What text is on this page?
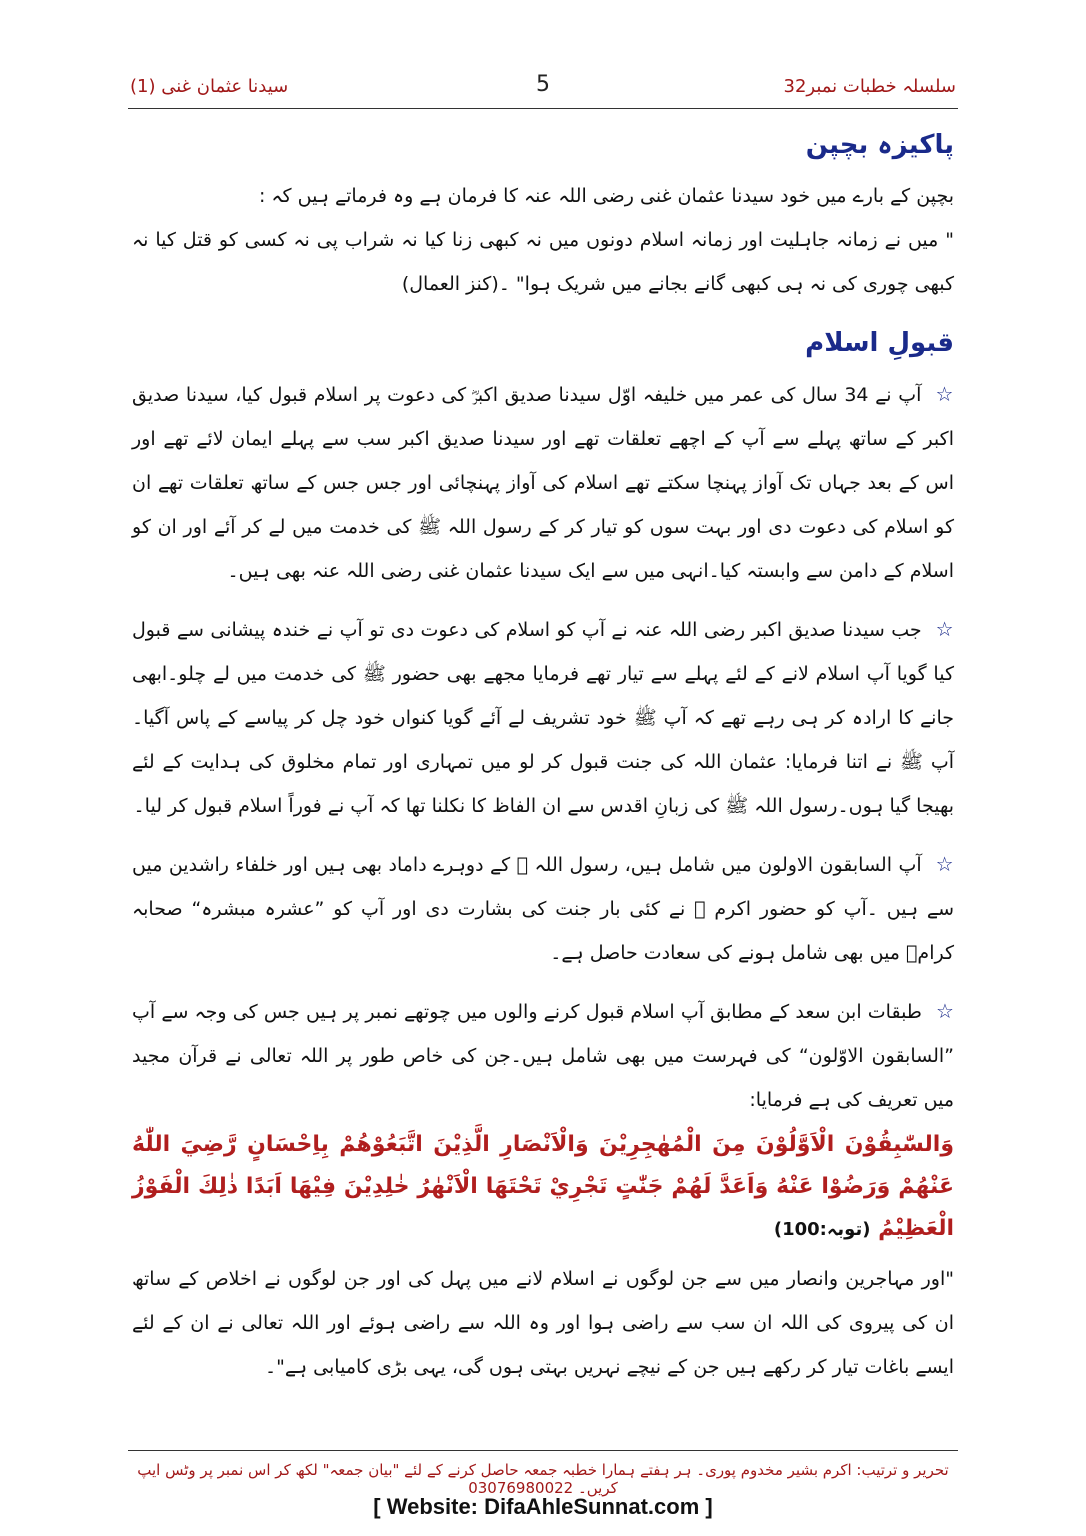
سیدنا عثمان غنی (1)	5	سلسلہ خطبات نمبر32
پاکیزہ بچپن

بچپن کے بارے میں خود سیدنا عثمان غنی رضی اللہ عنہ کا فرمان ہے وہ فرماتے ہیں کہ :

" میں نے زمانہ جاہلیت اور زمانہ اسلام دونوں میں نہ کبھی زنا کیا نہ شراب پی نہ کسی کو قتل کیا نہ کبھی چوری کی نہ ہی کبھی گانے بجانے میں شریک ہوا" ۔(کنز العمال)

قبولِ اسلام

☆آپ نے 34 سال کی عمر میں خلیفہ اوّل سیدنا صدیق اکبرؓ کی دعوت پر اسلام قبول کیا، سیدنا صدیق اکبر کے ساتھ پہلے سے آپ کے اچھے تعلقات تھے اور سیدنا صدیق اکبر سب سے پہلے ایمان لائے تھے اور اس کے بعد جہاں تک آواز پہنچا سکتے تھے اسلام کی آواز پہنچائی اور جس جس کے ساتھ تعلقات تھے ان کو اسلام کی دعوت دی اور بہت سوں کو تیار کر کے رسول اللہ ﷺ کی خدمت میں لے کر آئے اور ان کو اسلام کے دامن سے وابستہ کیا۔انہی میں سے ایک سیدنا عثمان غنی رضی اللہ عنہ بھی ہیں۔

☆جب سیدنا صدیق اکبر رضی اللہ عنہ نے آپ کو اسلام کی دعوت دی تو آپ نے خندہ پیشانی سے قبول کیا گویا آپ اسلام لانے کے لئے پہلے سے تیار تھے فرمایا مجھے بھی حضور ﷺ کی خدمت میں لے چلو۔ابھی جانے کا ارادہ کر ہی رہے تھے کہ آپ ﷺ خود تشریف لے آئے گویا کنواں خود چل کر پیاسے کے پاس آگیا۔آپ ﷺ نے اتنا فرمایا: عثمان اللہ کی جنت قبول کر لو میں تمہاری اور تمام مخلوق کی ہدایت کے لئے بھیجا گیا ہوں۔رسول اللہ ﷺ کی زبانِ اقدس سے ان الفاظ کا نکلنا تھا کہ آپ نے فوراً اسلام قبول کر لیا۔

☆آپ السابقون الاولون میں شامل ہیں، رسول اللہ ﷺ کے دوہرے داماد بھی ہیں اور خلفاء راشدین میں سے ہیں ۔آپ کو حضور اکرم ﷺ نے کئی بار جنت کی بشارت دی اور آپ کو ”عشرہ مبشرہ“ صحابہ کرامؓ میں بھی شامل ہونے کی سعادت حاصل ہے۔

☆طبقات ابن سعد کے مطابق آپ اسلام قبول کرنے والوں میں چوتھے نمبر پر ہیں جس کی وجہ سے آپ ”السابقون الاوّلون“ کی فہرست میں بھی شامل ہیں۔جن کی خاص طور پر اللہ تعالی نے قرآن مجید میں تعریف کی ہے فرمایا:

وَالسّٰبِقُوْنَ الْاَوَّلُوْنَ مِنَ الْمُهٰجِرِيْنَ وَالْاَنْصَارِ الَّذِيْنَ اتَّبَعُوْهُمْ بِاِحْسَانٍ رَّضِيَ اللّٰهُ عَنْهُمْ وَرَضُوْا عَنْهُ وَاَعَدَّ لَهُمْ جَنّٰتٍ تَجْرِيْ تَحْتَهَا الْاَنْهٰرُ خٰلِدِيْنَ فِيْهَا اَبَدًا ذٰلِكَ الْفَوْزُ الْعَظِيْمُ (توبہ:100)

"اور مہاجرین وانصار میں سے جن لوگوں نے اسلام لانے میں پہل کی اور جن لوگوں نے اخلاص کے ساتھ ان کی پیروی کی اللہ ان سب سے راضی ہوا اور وہ اللہ سے راضی ہوئے اور اللہ تعالی نے ان کے لئے ایسے باغات تیار کر رکھے ہیں جن کے نیچے نہریں بہتی ہوں گی، یہی بڑی کامیابی ہے"۔

تحریر و ترتیب: اکرم بشیر مخدوم پوری۔ ہر ہفتے ہمارا خطبہ جمعہ حاصل کرنے کے لئے "بیان جمعہ" لکھ کر اس نمبر پر وٹس ایپ کریں۔ 03076980022
[ Website: DifaAhleSunnat.com ]
